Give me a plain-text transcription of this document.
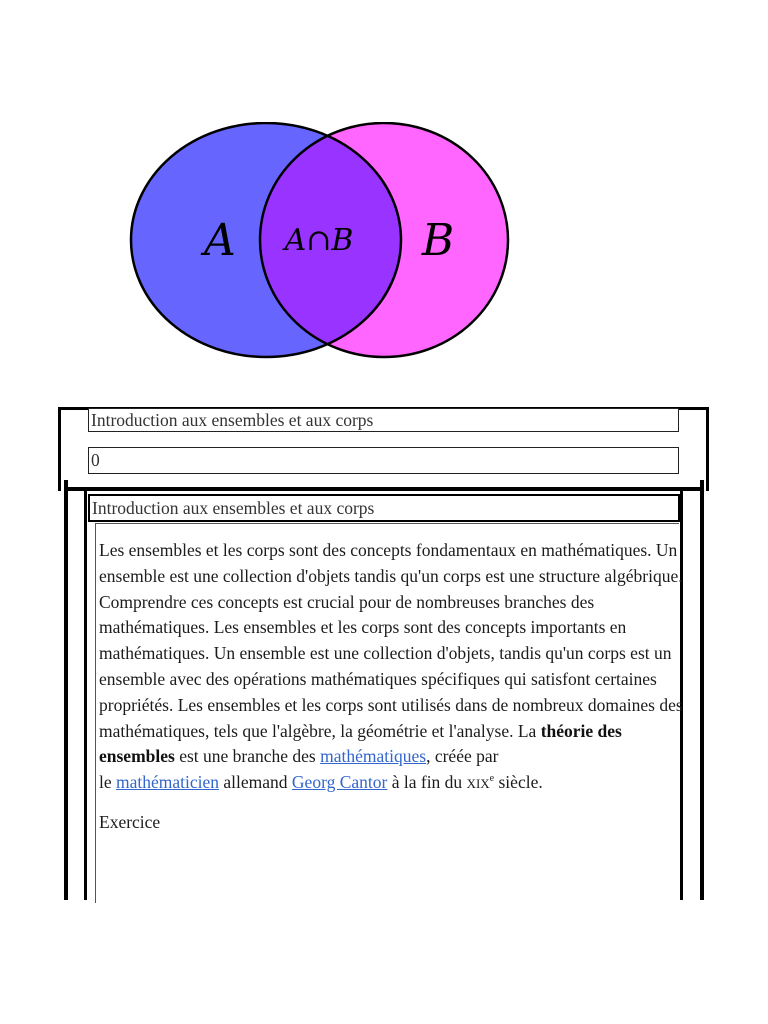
A A∩B B
Introduction aux ensembles et aux corps
0
Introduction aux ensembles et aux corps
Les ensembles et les corps sont des concepts fondamentaux en mathématiques. Un ensemble est une collection d'objets tandis qu'un corps est une structure algébrique. Comprendre ces concepts est crucial pour de nombreuses branches des mathématiques. Les ensembles et les corps sont des concepts importants en mathématiques. Un ensemble est une collection d'objets, tandis qu'un corps est un ensemble avec des opérations mathématiques spécifiques qui satisfont certaines propriétés. Les ensembles et les corps sont utilisés dans de nombreux domaines des mathématiques, tels que l'algèbre, la géométrie et l'analyse. La théorie des ensembles est une branche des mathématiques, créée par
le mathématicien allemand Georg Cantor à la fin du xix$^e$ siècle.
Exercice
